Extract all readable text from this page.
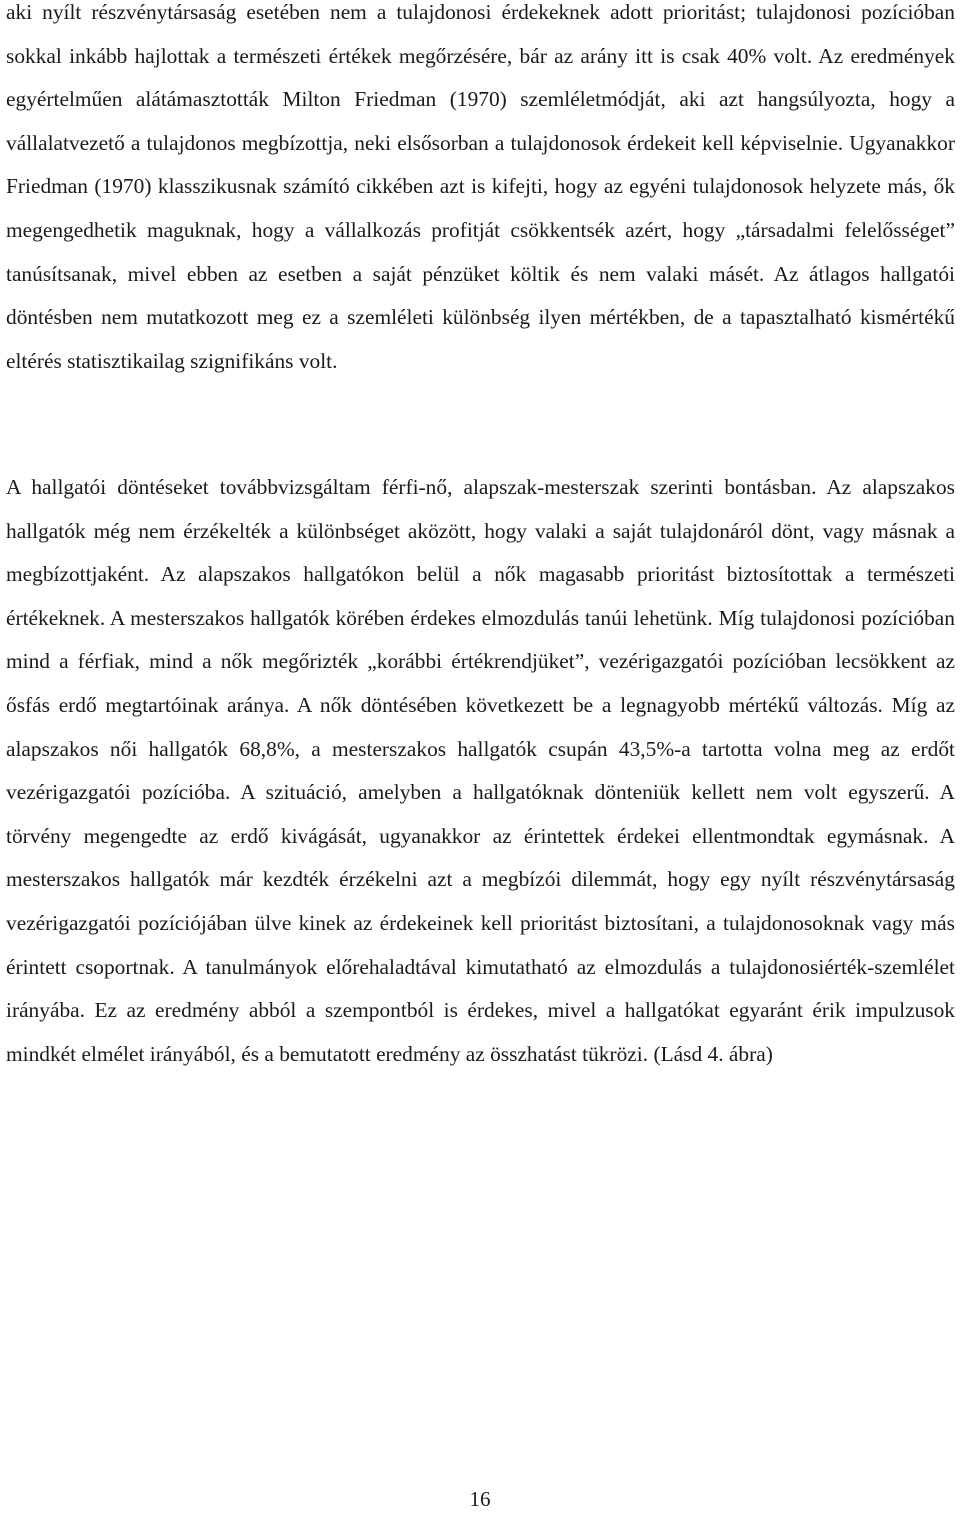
aki nyílt részvénytársaság esetében nem a tulajdonosi érdekeknek adott prioritást; tulajdonosi pozícióban sokkal inkább hajlottak a természeti értékek megőrzésére, bár az arány itt is csak 40% volt. Az eredmények egyértelműen alátámasztották Milton Friedman (1970) szemléletmódját, aki azt hangsúlyozta, hogy a vállalatvezető a tulajdonos megbízottja, neki elsősorban a tulajdonosok érdekeit kell képviselnie. Ugyanakkor Friedman (1970) klasszikusnak számító cikkében azt is kifejti, hogy az egyéni tulajdonosok helyzete más, ők megengedhetik maguknak, hogy a vállalkozás profitját csökkentsék azért, hogy „társadalmi felelősséget” tanúsítsanak, mivel ebben az esetben a saját pénzüket költik és nem valaki másét. Az átlagos hallgatói döntésben nem mutatkozott meg ez a szemléleti különbség ilyen mértékben, de a tapasztalható kismértékű eltérés statisztikailag szignifikáns volt.

A hallgatói döntéseket továbbvizsgáltam férfi-nő, alapszak-mesterszak szerinti bontásban. Az alapszakos hallgatók még nem érzékelték a különbséget aközött, hogy valaki a saját tulajdonáról dönt, vagy másnak a megbízottjaként. Az alapszakos hallgatókon belül a nők magasabb prioritást biztosítottak a természeti értékeknek. A mesterszakos hallgatók körében érdekes elmozdulás tanúi lehetünk. Míg tulajdonosi pozícióban mind a férfiak, mind a nők megőrizték „korábbi értékrendjüket”, vezérigazgatói pozícióban lecsökkent az ősfás erdő megtartóinak aránya. A nők döntésében következett be a legnagyobb mértékű változás. Míg az alapszakos női hallgatók 68,8%, a mesterszakos hallgatók csupán 43,5%-a tartotta volna meg az erdőt vezérigazgatói pozícióba. A szituáció, amelyben a hallgatóknak dönteniük kellett nem volt egyszerű. A törvény megengedte az erdő kivágását, ugyanakkor az érintettek érdekei ellentmondtak egymásnak. A mesterszakos hallgatók már kezdték érzékelni azt a megbízói dilemmát, hogy egy nyílt részvénytársaság vezérigazgatói pozíciójában ülve kinek az érdekeinek kell prioritást biztosítani, a tulajdonosoknak vagy más érintett csoportnak. A tanulmányok előrehaladtával kimutatható az elmozdulás a tulajdonosiérték-szemlélet irányába. Ez az eredmény abból a szempontból is érdekes, mivel a hallgatókat egyaránt érik impulzusok mindkét elmélet irányából, és a bemutatott eredmény az összhatást tükrözi. (Lásd 4. ábra)

16
